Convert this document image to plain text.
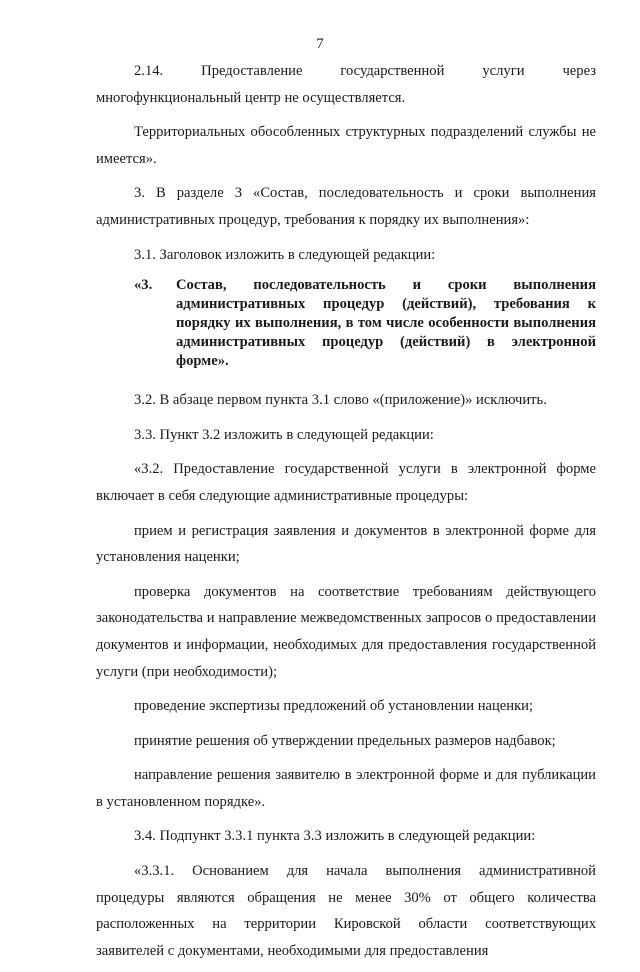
7

2.14. Предоставление государственной услуги через многофункциональный центр не осуществляется.

Территориальных обособленных структурных подразделений службы не имеется».

3. В разделе 3 «Состав, последовательность и сроки выполнения административных процедур, требования к порядку их выполнения»:

3.1. Заголовок изложить в следующей редакции:

«3.	Состав, последовательность и сроки выполнения административных процедур (действий), требования к порядку их выполнения, в том числе особенности выполнения административных процедур (действий) в электронной форме».

3.2. В абзаце первом пункта 3.1 слово «(приложение)» исключить.

3.3. Пункт 3.2 изложить в следующей редакции:

«3.2. Предоставление государственной услуги в электронной форме включает в себя следующие административные процедуры:

прием и регистрация заявления и документов в электронной форме для установления наценки;

проверка документов на соответствие требованиям действующего законодательства и направление межведомственных запросов о предоставлении документов и информации, необходимых для предоставления государственной услуги (при необходимости);

проведение экспертизы предложений об установлении наценки;

принятие решения об утверждении предельных размеров надбавок;

направление решения заявителю в электронной форме и для публикации в установленном порядке».

3.4. Подпункт 3.3.1 пункта 3.3 изложить в следующей редакции:

«3.3.1. Основанием для начала выполнения административной процедуры являются обращения не менее 30% от общего количества расположенных на территории Кировской области соответствующих заявителей с документами, необходимыми для предоставления
